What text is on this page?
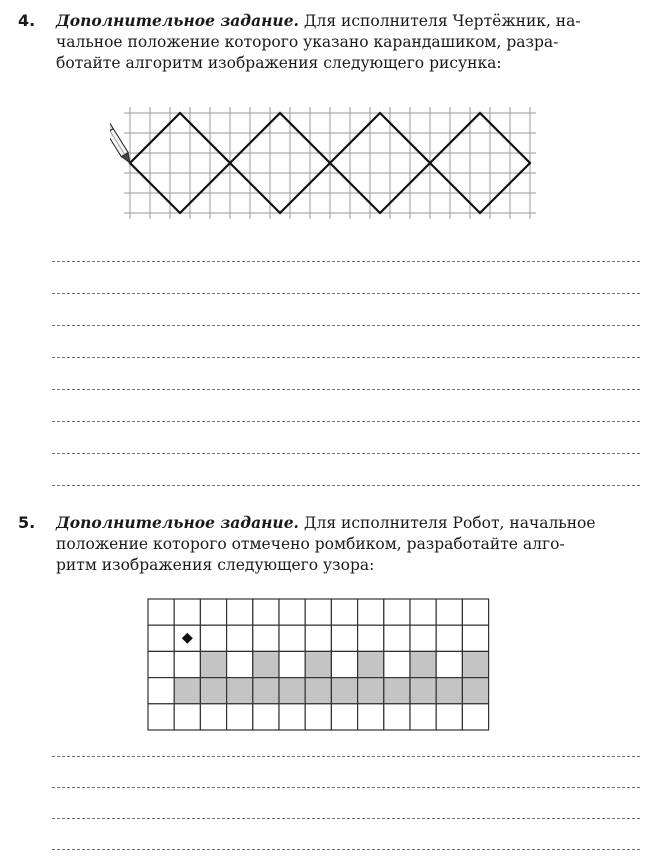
4. Дополнительное задание. Для исполнителя Чертёжник, на-
чальное положение которого указано карандашиком, разра-
ботайте алгоритм изображения следующего рисунка:
5. Дополнительное задание. Для исполнителя Робот, начальное
положение которого отмечено ромбиком, разработайте алго-
ритм изображения следующего узора:
